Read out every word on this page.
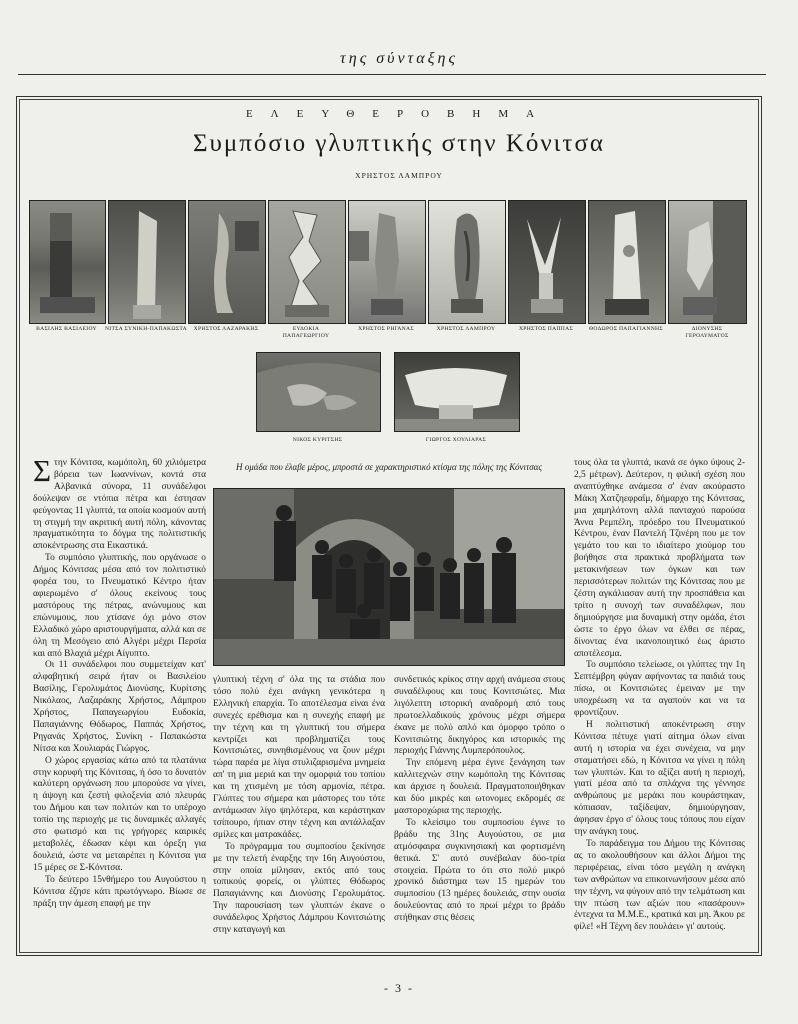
της σύνταξης
ΕΛΕΥΘΕΡΟΒΗΜΑ
Συμπόσιο γλυπτικής στην Κόνιτσα
ΧΡΗΣΤΟΣ ΛΑΜΠΡΟΥ
ΒΑΣΙΛΗΣ ΒΑΣΙΛΕΙΟΥ	ΝΙΤΣΑ ΣΥΝΙΚΗ-ΠΑΠΑΚΩΣΤΑ ΧΡΗΣΤΟΣ ΛΑΖΑΡΑΚΗΣ	ΕΥΔΟΚΙΑ ΠΑΠΑΓΕΩΡΓΙΟΥ
ΧΡΗΣΤΟΣ ΡΗΓΑΝΑΣ	ΧΡΗΣΤΟΣ ΛΑΜΠΡΟΥ	ΧΡΗΣΤΟΣ ΠΑΠΠΑΣ	ΘΟΔΩΡΟΣ ΠΑΠΑΓΙΑΝΝΗΣ	ΔΙΟΝΥΣΗΣ ΓΕΡΟΛΥΜΑΤΟΣ
ΝΙΚΟΣ ΚΥΡΙΤΣΗΣ	ΓΙΩΡΓΟΣ ΧΟΥΛΙΑΡΑΣ
Η ομάδα που έλαβε μέρος, μπροστά σε χαρακτηριστικό κτίσμα της πόλης της Κόνιτσας

Στην Κόνιτσα, κωμόπολη, 60 χιλιόμετρα βόρεια των Ιωαννίνων, κοντά στα Αλβανικά σύνορα, 11 συνάδελφοι δούλεψαν σε ντόπια πέτρα και έστησαν φεύγοντας 11 γλυπτά, τα οποία κοσμούν αυτή τη στιγμή την ακριτική αυτή πόλη, κάνοντας πραγματικότητα το δόγμα της πολιτιστικής αποκέντρωσης στα Εικαστικά.

Το συμπόσιο γλυπτικής, που οργάνωσε ο Δήμος Κόνιτσας μέσα από τον πολιτιστικό φορέα του, το Πνευματικό Κέντρο ήταν αφιερωμένο σ' όλους εκείνους τους μαστόρους της πέτρας, ανώνυμους και επώνυμους, που χτίσανε όχι μόνο στον Ελλαδικό χώρο αριστουργήματα, αλλά και σε όλη τη Μεσόγειο από Αλγέρι μέχρι Περσία και από Βλαχιά μέχρι Αίγυπτο.

Οι 11 συνάδελφοι που συμμετείχαν κατ' αλφαβητική σειρά ήταν οι Βασιλείου Βασίλης, Γερολυμάτος Διονύσης, Κυρίτσης Νικόλαος, Λαζαράκης Χρήστος, Λάμπρου Χρήστος, Παπαγεωργίου Ευδοκία, Παπαγιάννης Θόδωρος, Παππάς Χρήστος, Ρηγανάς Χρήστος, Συνίκη - Παπακώστα Νίτσα και Χουλιαράς Γιώργος.

Ο χώρος εργασίας κάτω από τα πλατάνια στην κορυφή της Κόνιτσας, ή όσο το δυνατόν καλύτερη οργάνωση που μπορούσε να γίνει, η άψογη και ζεστή φιλοξενία από πλευράς του Δήμου και των πολιτών και το υπέροχο τοπίο της περιοχής με τις δυναμικές αλλαγές στο φωτισμό και τις γρήγορες καιρικές μεταβολές, έδωσαν κέφι και όρεξη για δουλειά, ώστε να μεταιρέπει η Κόνιτσα για 15 μέρες σε Σ-Κόνιτσα.

Το δεύτερο 15νθήμερο του Αυγούστου η Κόνιτσα έζησε κάτι πρωτόγνωρο. Βίωσε σε πράξη την άμεση επαφή με την

γλυπτική τέχνη σ' όλα της τα στάδια που τόσο πολύ έχει ανάγκη γενικότερα η Ελληνική επαρχία. Το αποτέλεσμα είναι ένα συνεχές ερέθισμα και η συνεχής επαφή με την τέχνη και τη γλυπτική του σήμερα κεντρίζει και προβληματίζει τους Κονιτσιώτες, συνηθισμένους να ζουν μέχρι τώρα παρέα με λίγα στυλιζαρισμένα μνημεία απ' τη μια μεριά και την ομορφιά του τοπίου και τη χτισμένη με τόση αρμονία, πέτρα. Γλύπτες του σήμερα και μάστορες του τότε αντάμωσαν λίγο ψηλότερα, και κεράστηκαν τσίπουρο, ήπιαν στην τέχνη και αντάλλαξαν σμίλες και ματρακάδες.

Το πρόγραμμα του συμποσίου ξεκίνησε με την τελετή έναρξης την 16η Αυγούστου, στην οποία μίλησαν, εκτός από τους τοπικούς φορείς, οι γλύπτες Θόδωρος Παπαγιάννης και Διονύσης Γερολυμάτος. Την παρουσίαση των γλυπτών έκανε ο συνάδελφος Χρήστος Λάμπρου Κονιτσιώτης στην καταγωγή και

συνδετικός κρίκος στην αρχή ανάμεσα στους συναδέλφους και τους Κονιτσιώτες. Μια λιγόλεπτη ιστορική αναδρομή από τους πρωτοελλαδικούς χρόνους μέχρι σήμερα έκανε με πολύ απλό και όμορφο τρόπο ο Κονιτσιώτης δικηγόρος και ιστορικός της περιοχής Γιάννης Λυμπερόπουλος.

Την επόμενη μέρα έγινε ξενάγηση των καλλιτεχνών στην κωμόπολη της Κόνιτσας και άρχισε η δουλειά. Πραγματοποιήθηκαν και δύο μικρές και ωτονομες εκδρομές σε μαστοροχώρια της περιοχής.

Το κλείσιμο του συμποσίου έγινε το βράδυ της 31ης Αυγούστου, σε μια ατμόσφαιρα συγκινησιακή και φορτισμένη θετικά. Σ' αυτό συνέβαλαν δύο-τρία στοιχεία. Πρώτα το ότι στο πολύ μικρό χρονικό διάστημα των 15 ημερών του συμποσίου (13 ημέρες δουλειάς, στην ουσία δουλεύοντας από το πρωί μέχρι το βράδυ στήθηκαν στις θέσεις

τους όλα τα γλυπτά, ικανά σε όγκο ύψους 2-2,5 μέτρων). Δεύτερον, η φιλική σχέση που αναπτύχθηκε ανάμεσα σ' έναν ακούραστο Μάκη Χατζηεφραΐμ, δήμαρχο της Κόνιτσας, μια χαμηλότονη αλλά πανταχού παρούσα Άννα Ρεμπέλη, πρόεδρο του Πνευματικού Κέντρου, έναν Παντελή Τζινέρη που με τον γεμάτο του και το ιδιαίτερο χιούμορ του βοήθησε στα πρακτικά προβλήματα των μετακινήσεων των όγκων και των περισσότερων πολιτών της Κόνιτσας που με ζέστη αγκάλιασαν αυτή την προσπάθεια και τρίτο η συνοχή των συναδέλφων, που δημιούργησε μια δυναμική στην ομάδα, έτσι ώστε το έργο όλων να έλθει σε πέρας, δίνοντας ένα ικανοποιητικό έως άριστο αποτέλεσμα.

Το συμπόσιο τελείωσε, οι γλύπτες την 1η Σεπτέμβρη φύγαν αφήνοντας τα παιδιά τους πίσω, οι Κονιτσιώτες έμειναν με την υποχρέωση να τα αγαπούν και να τα φροντίζουν.

Η πολιτιστική αποκέντρωση στην Κόνιτσα πέτυχε γιατί αίτημα όλων είναι αυτή η ιστορία να έχει συνέχεια, να μην σταματήσει εδώ, η Κόνιτσα να γίνει η πόλη των γλυπτών. Και το αξίζει αυτή η περιοχή, γιατί μέσα από τα σπλάχνα της γέννησε ανθρώπους με μεράκι που κουράστηκαν, κόπιασαν, ταξίδεψαν, δημιούργησαν, άφησαν έργο σ' όλους τους τόπους που είχαν την ανάγκη τους.

Το παράδειγμα του Δήμου της Κόνιτσας ας το ακολουθήσουν και άλλοι Δήμοι της περιφέρειας, είναι τόσο μεγάλη η ανάγκη των ανθρώπων να επικοινωνήσουν μέσα από την τέχνη, να φύγουν από την τελμάτωση και την πτώση των αξιών που «πασάρουν» έντεχνα τα Μ.Μ.Ε., κρατικά και μη. Άκου ρε φίλε! «Η Τέχνη δεν πουλάει» γι' αυτούς.

- 3 -
